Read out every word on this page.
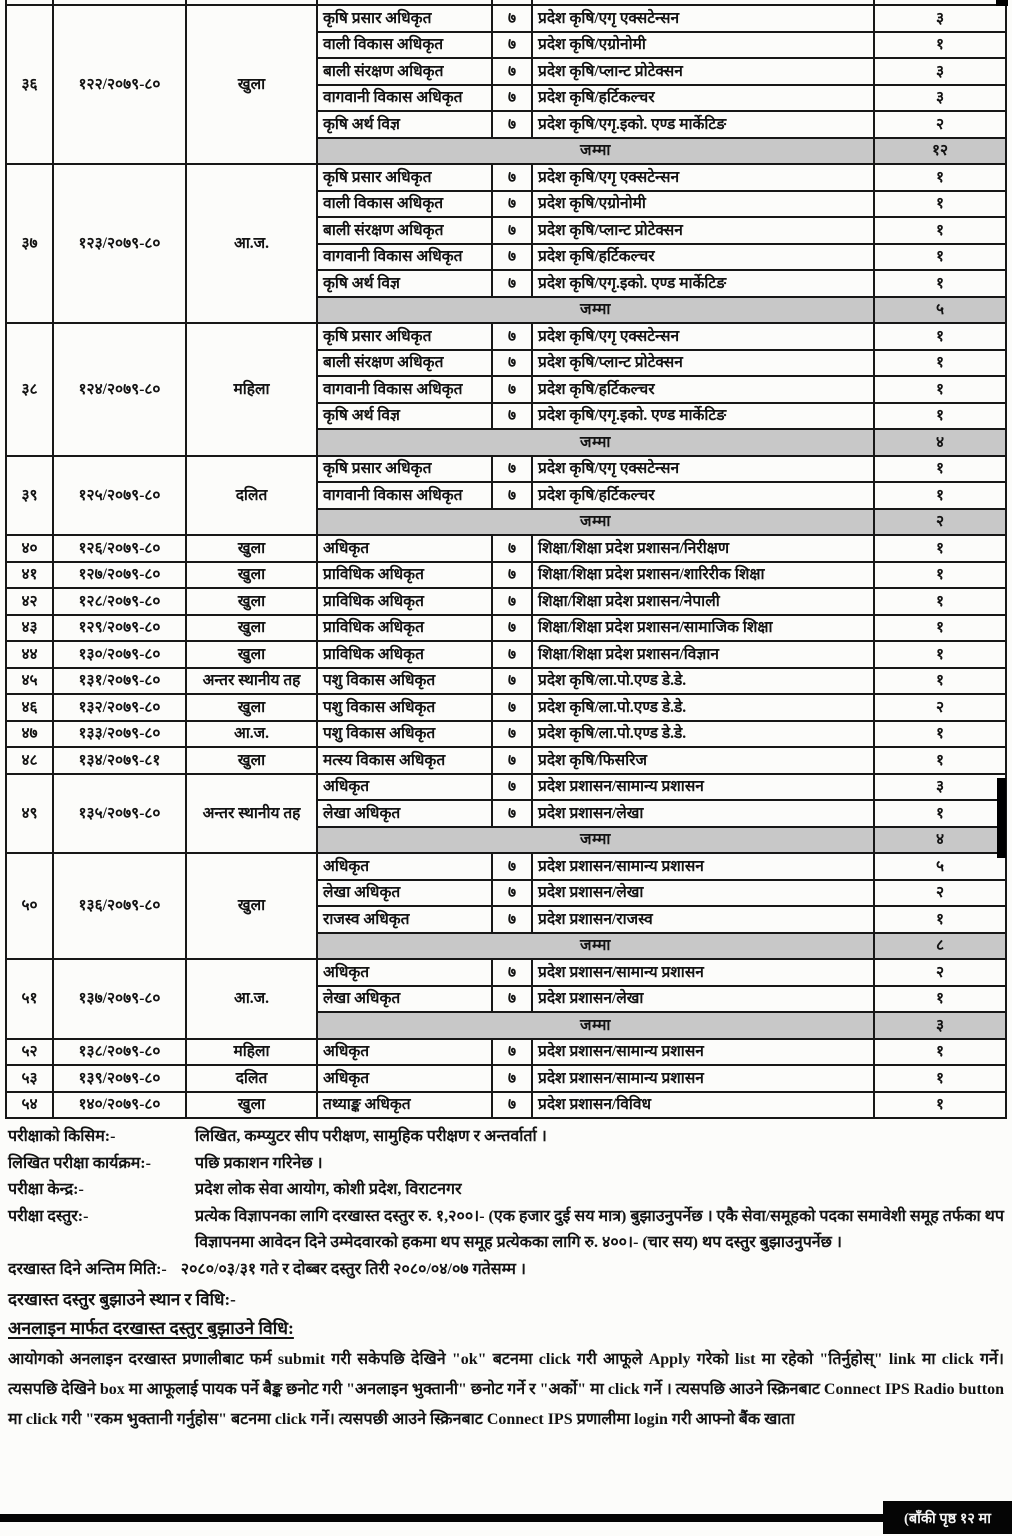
३६	१२२/२०७९-८०	खुला	कृषि प्रसार अधिकृत	७	प्रदेश कृषि/एगृ एक्सटेन्सन	३
			वाली विकास अधिकृत	७	प्रदेश कृषि/एग्रोनोमी	१
			बाली संरक्षण अधिकृत	७	प्रदेश कृषि/प्लान्ट प्रोटेक्सन	३
			वागवानी विकास अधिकृत	७	प्रदेश कृषि/हर्टिकल्चर	३
			कृषि अर्थ विज्ञ	७	प्रदेश कृषि/एगृ.इको. एण्ड मार्केटिङ	२
			जम्मा			१२
३७	१२३/२०७९-८०	आ.ज.	कृषि प्रसार अधिकृत	७	प्रदेश कृषि/एगृ एक्सटेन्सन	१
			वाली विकास अधिकृत	७	प्रदेश कृषि/एग्रोनोमी	१
			बाली संरक्षण अधिकृत	७	प्रदेश कृषि/प्लान्ट प्रोटेक्सन	१
			वागवानी विकास अधिकृत	७	प्रदेश कृषि/हर्टिकल्चर	१
			कृषि अर्थ विज्ञ	७	प्रदेश कृषि/एगृ.इको. एण्ड मार्केटिङ	१
			जम्मा			५
३८	१२४/२०७९-८०	महिला	कृषि प्रसार अधिकृत	७	प्रदेश कृषि/एगृ एक्सटेन्सन	१
			बाली संरक्षण अधिकृत	७	प्रदेश कृषि/प्लान्ट प्रोटेक्सन	१
			वागवानी विकास अधिकृत	७	प्रदेश कृषि/हर्टिकल्चर	१
			कृषि अर्थ विज्ञ	७	प्रदेश कृषि/एगृ.इको. एण्ड मार्केटिङ	१
			जम्मा			४
३९	१२५/२०७९-८०	दलित	कृषि प्रसार अधिकृत	७	प्रदेश कृषि/एगृ एक्सटेन्सन	१
			वागवानी विकास अधिकृत	७	प्रदेश कृषि/हर्टिकल्चर	१
			जम्मा			२
४०	१२६/२०७९-८०	खुला	अधिकृत	७	शिक्षा/शिक्षा प्रदेश प्रशासन/निरीक्षण	१
४१	१२७/२०७९-८०	खुला	प्राविधिक अधिकृत	७	शिक्षा/शिक्षा प्रदेश प्रशासन/शारिरीक शिक्षा	१
४२	१२८/२०७९-८०	खुला	प्राविधिक अधिकृत	७	शिक्षा/शिक्षा प्रदेश प्रशासन/नेपाली	१
४३	१२९/२०७९-८०	खुला	प्राविधिक अधिकृत	७	शिक्षा/शिक्षा प्रदेश प्रशासन/सामाजिक शिक्षा	१
४४	१३०/२०७९-८०	खुला	प्राविधिक अधिकृत	७	शिक्षा/शिक्षा प्रदेश प्रशासन/विज्ञान	१
४५	१३१/२०७९-८०	अन्तर स्थानीय तह	पशु विकास अधिकृत	७	प्रदेश कृषि/ला.पो.एण्ड डे.डे.	१
४६	१३२/२०७९-८०	खुला	पशु विकास अधिकृत	७	प्रदेश कृषि/ला.पो.एण्ड डे.डे.	२
४७	१३३/२०७९-८०	आ.ज.	पशु विकास अधिकृत	७	प्रदेश कृषि/ला.पो.एण्ड डे.डे.	१
४८	१३४/२०७९-८१	खुला	मत्स्य विकास अधिकृत	७	प्रदेश कृषि/फिसरिज	१
४९	१३५/२०७९-८०	अन्तर स्थानीय तह	अधिकृत	७	प्रदेश प्रशासन/सामान्य प्रशासन	३
			लेखा अधिकृत	७	प्रदेश प्रशासन/लेखा	१
			जम्मा			४
५०	१३६/२०७९-८०	खुला	अधिकृत	७	प्रदेश प्रशासन/सामान्य प्रशासन	५
			लेखा अधिकृत	७	प्रदेश प्रशासन/लेखा	२
			राजस्व अधिकृत	७	प्रदेश प्रशासन/राजस्व	१
			जम्मा			८
५१	१३७/२०७९-८०	आ.ज.	अधिकृत	७	प्रदेश प्रशासन/सामान्य प्रशासन	२
			लेखा अधिकृत	७	प्रदेश प्रशासन/लेखा	१
			जम्मा			३
५२	१३८/२०७९-८०	महिला	अधिकृत	७	प्रदेश प्रशासन/सामान्य प्रशासन	१
५३	१३९/२०७९-८०	दलित	अधिकृत	७	प्रदेश प्रशासन/सामान्य प्रशासन	१
५४	१४०/२०७९-८०	खुला	तथ्याङ्क अधिकृत	७	प्रदेश प्रशासन/विविध	१
परीक्षाको किसिम:-	लिखित, कम्प्युटर सीप परीक्षण, सामुहिक परीक्षण र अन्तर्वार्ता ।
लिखित परीक्षा कार्यक्रम:-	पछि प्रकाशन गरिनेछ ।
परीक्षा केन्द्र:-	प्रदेश लोक सेवा आयोग, कोशी प्रदेश, विराटनगर
परीक्षा दस्तुर:-	प्रत्येक विज्ञापनका लागि दरखास्त दस्तुर रु. १,२००।- (एक हजार दुई सय मात्र) बुझाउनुपर्नेछ । एकै सेवा/समूहको पदका समावेशी समूह तर्फका थप विज्ञापनमा आवेदन दिने उम्मेदवारको हकमा थप समूह प्रत्येकका लागि रु. ४००।- (चार सय) थप दस्तुर बुझाउनुपर्नेछ ।
दरखास्त दिने अन्तिम मिति:- २०८०/०३/३१ गते र दोब्बर दस्तुर तिरी २०८०/०४/०७ गतेसम्म ।
दरखास्त दस्तुर बुझाउने स्थान र विधि:-
अनलाइन मार्फत दरखास्त दस्तुर बुझाउने विधि:
आयोगको अनलाइन दरखास्त प्रणालीबाट फर्म submit गरी सकेपछि देखिने "ok" बटनमा click गरी आफूले Apply गरेको list मा रहेको "तिर्नुहोस्" link मा click गर्ने। त्यसपछि देखिने box मा आफूलाई पायक पर्ने बैङ्क छनोट गरी "अनलाइन भुक्तानी" छनोट गर्ने र "अर्को" मा click गर्ने । त्यसपछि आउने स्क्रिनबाट Connect IPS Radio button मा click गरी "रकम भुक्तानी गर्नुहोस" बटनमा click गर्ने। त्यसपछी आउने स्क्रिनबाट Connect IPS प्रणालीमा login गरी आफ्नो बैंक खाता
(बाँकी पृष्ठ १२ मा
